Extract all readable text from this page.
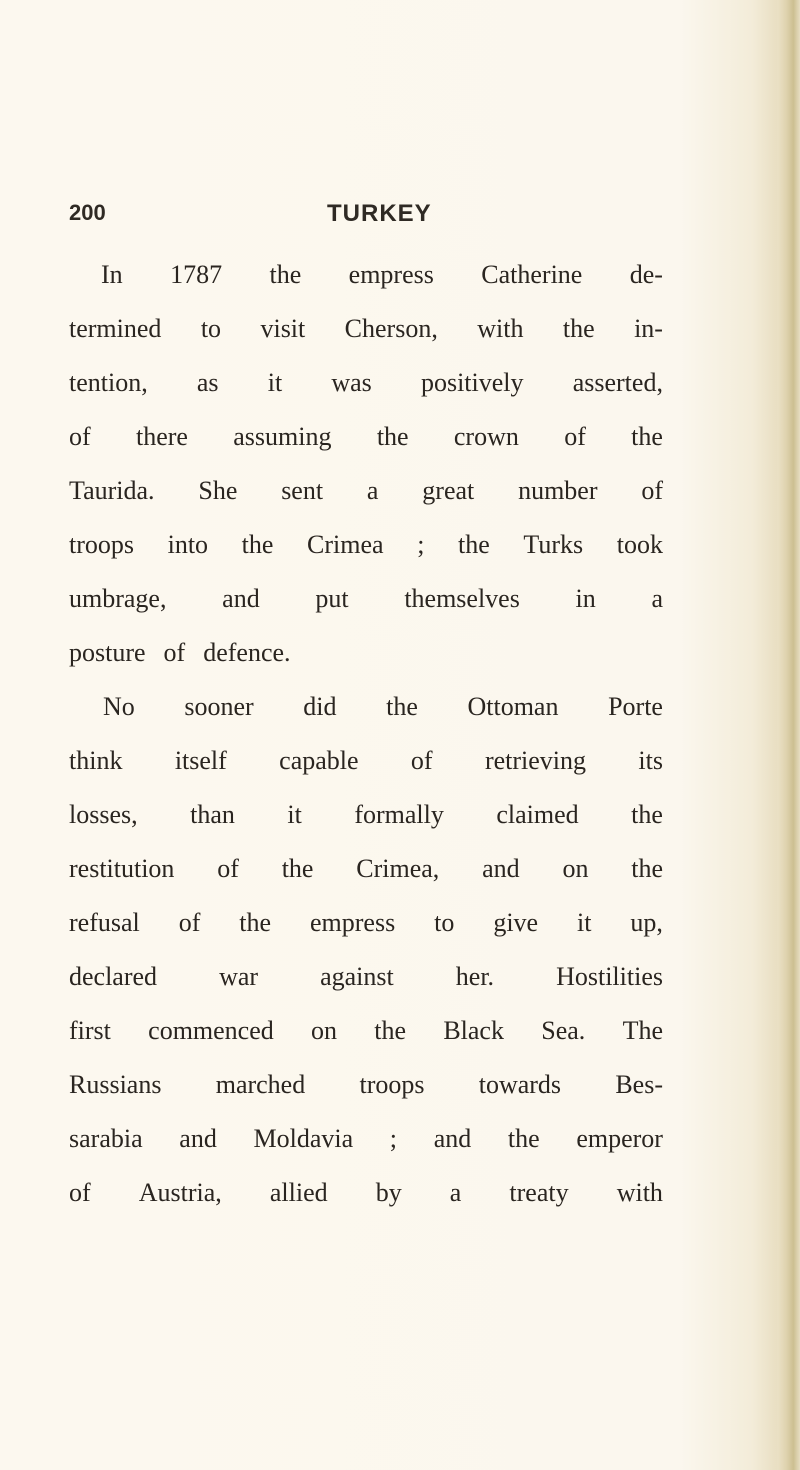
200	TURKEY
In 1787 the empress Catherine de-
termined to visit Cherson, with the in-
tention, as it was positively asserted,
of there assuming the crown of the
Taurida. She sent a great number of
troops into the Crimea ; the Turks took
umbrage, and put themselves in a
posture of defence.
No sooner did the Ottoman Porte
think itself capable of retrieving its
losses, than it formally claimed the
restitution of the Crimea, and on the
refusal of the empress to give it up,
declared war against her. Hostilities
first commenced on the Black Sea. The
Russians marched troops towards Bes-
sarabia and Moldavia ; and the emperor
of Austria, allied by a treaty with
